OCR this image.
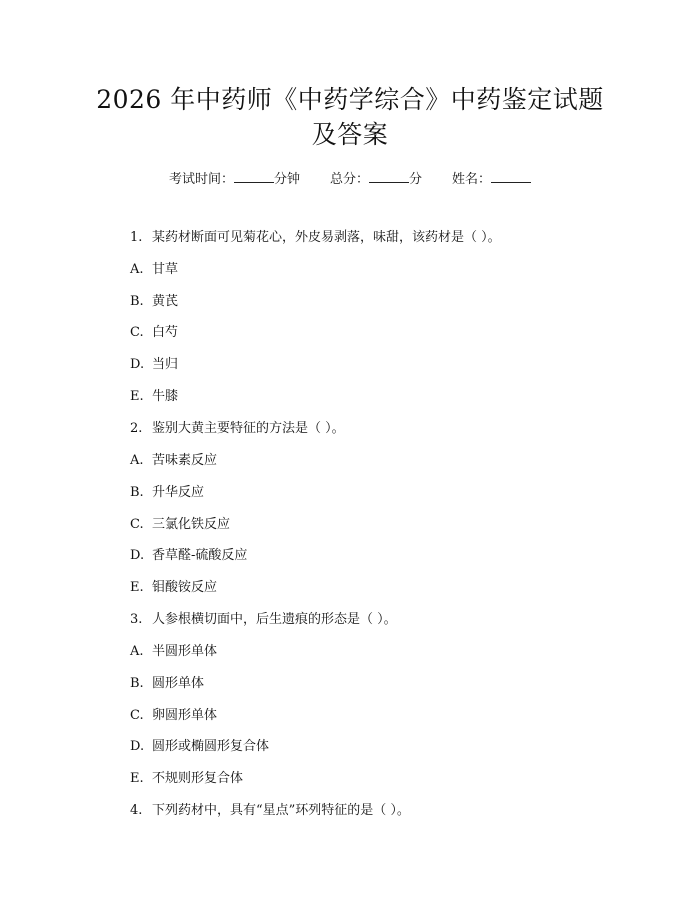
2026 年中药师《中药学综合》中药鉴定试题
及答案
考试时间：	分钟 总分：	分 姓名：
1. 某药材断面可见菊花心，外皮易剥落，味甜，该药材是（ ）。
A. 甘草
B. 黄芪
C. 白芍
D. 当归
E. 牛膝
2. 鉴别大黄主要特征的方法是（ ）。
A. 苦味素反应
B. 升华反应
C. 三氯化铁反应
D. 香草醛-硫酸反应
E. 钼酸铵反应
3. 人参根横切面中，后生遗痕的形态是（ ）。
A. 半圆形单体
B. 圆形单体
C. 卵圆形单体
D. 圆形或椭圆形复合体
E. 不规则形复合体
4. 下列药材中，具有“星点”环列特征的是（ ）。
